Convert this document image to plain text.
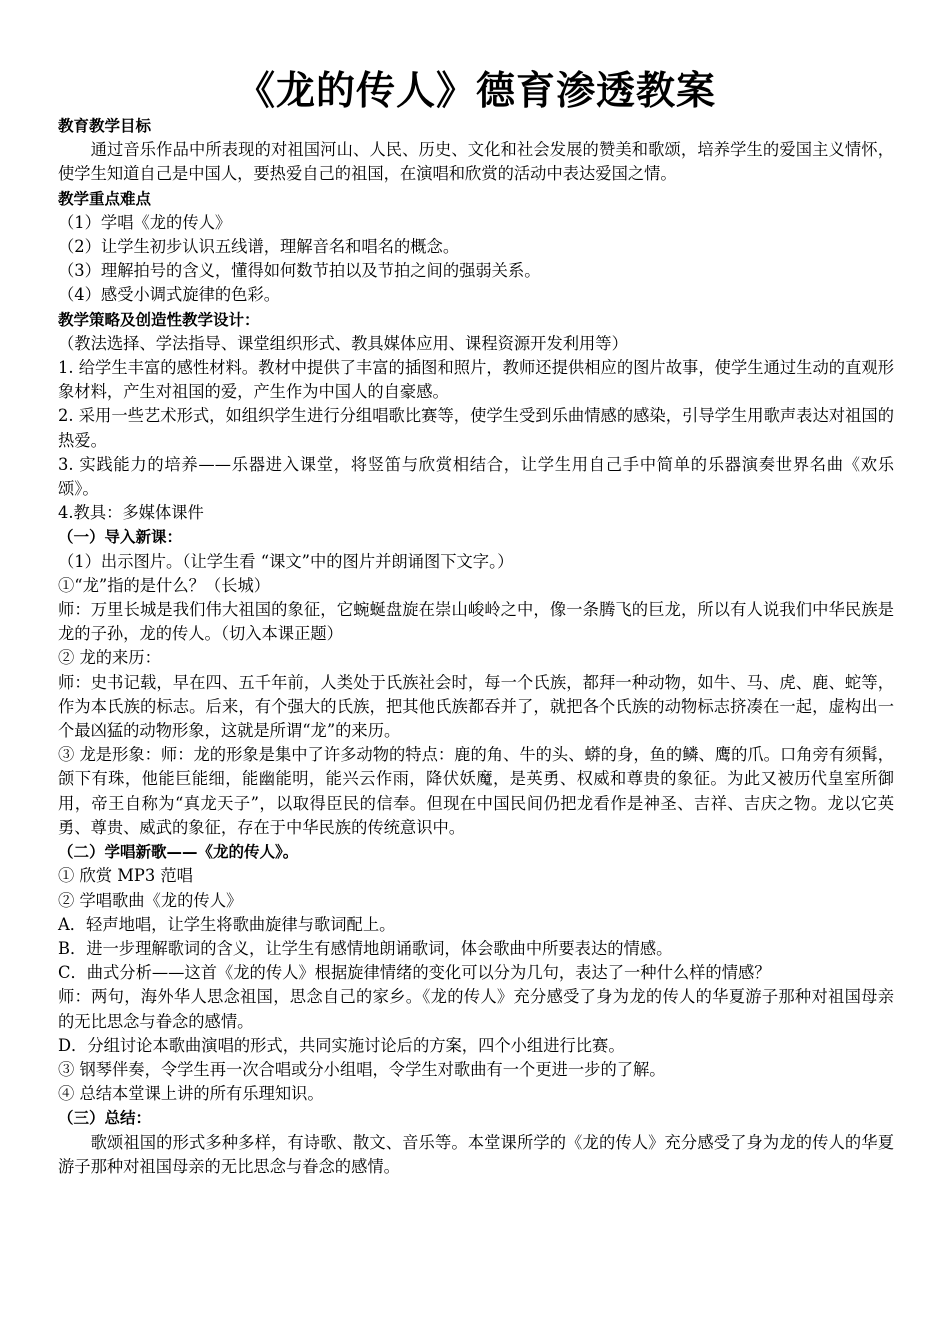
《龙的传人》德育渗透教案

教育教学目标

通过音乐作品中所表现的对祖国河山、人民、历史、文化和社会发展的赞美和歌颂，培养学生的爱国主义情怀，使学生知道自己是中国人，要热爱自己的祖国，在演唱和欣赏的活动中表达爱国之情。

教学重点难点

（1）学唱《龙的传人》

（2）让学生初步认识五线谱，理解音名和唱名的概念。

（3）理解拍号的含义，懂得如何数节拍以及节拍之间的强弱关系。

（4）感受小调式旋律的色彩。

教学策略及创造性教学设计：

（教法选择、学法指导、课堂组织形式、教具媒体应用、课程资源开发利用等）

1. 给学生丰富的感性材料。教材中提供了丰富的插图和照片，教师还提供相应的图片故事，使学生通过生动的直观形象材料，产生对祖国的爱，产生作为中国人的自豪感。

2. 采用一些艺术形式，如组织学生进行分组唱歌比赛等，使学生受到乐曲情感的感染，引导学生用歌声表达对祖国的热爱。

3. 实践能力的培养——乐器进入课堂，将竖笛与欣赏相结合，让学生用自己手中简单的乐器演奏世界名曲《欢乐颂》。

4.教具：多媒体课件

（一）导入新课：

（1）出示图片。（让学生看 “课文”中的图片并朗诵图下文字。）

①“龙”指的是什么？（长城）

师：万里长城是我们伟大祖国的象征，它蜿蜒盘旋在崇山峻岭之中，像一条腾飞的巨龙，所以有人说我们中华民族是龙的子孙，龙的传人。（切入本课正题）

② 龙的来历：

师：史书记载，早在四、五千年前，人类处于氏族社会时，每一个氏族，都拜一种动物，如牛、马、虎、鹿、蛇等，作为本氏族的标志。后来，有个强大的氏族，把其他氏族都吞并了，就把各个氏族的动物标志挤凑在一起，虚构出一个最凶猛的动物形象，这就是所谓“龙”的来历。

③ 龙是形象：师：龙的形象是集中了许多动物的特点：鹿的角、牛的头、蟒的身，鱼的鳞、鹰的爪。口角旁有须髯，颌下有珠，他能巨能细，能幽能明，能兴云作雨，降伏妖魔，是英勇、权威和尊贵的象征。为此又被历代皇室所御用，帝王自称为“真龙天子”，以取得臣民的信奉。但现在中国民间仍把龙看作是神圣、吉祥、吉庆之物。龙以它英勇、尊贵、威武的象征，存在于中华民族的传统意识中。

（二）学唱新歌——《龙的传人》。

① 欣赏 MP3 范唱

② 学唱歌曲《龙的传人》

A．轻声地唱，让学生将歌曲旋律与歌词配上。

B．进一步理解歌词的含义，让学生有感情地朗诵歌词，体会歌曲中所要表达的情感。

C．曲式分析——这首《龙的传人》根据旋律情绪的变化可以分为几句，表达了一种什么样的情感？

师：两句，海外华人思念祖国，思念自己的家乡。《龙的传人》充分感受了身为龙的传人的华夏游子那种对祖国母亲的无比思念与眷念的感情。

D．分组讨论本歌曲演唱的形式，共同实施讨论后的方案，四个小组进行比赛。

③ 钢琴伴奏，令学生再一次合唱或分小组唱，令学生对歌曲有一个更进一步的了解。

④ 总结本堂课上讲的所有乐理知识。

（三）总结：

歌颂祖国的形式多种多样，有诗歌、散文、音乐等。本堂课所学的《龙的传人》充分感受了身为龙的传人的华夏游子那种对祖国母亲的无比思念与眷念的感情。
